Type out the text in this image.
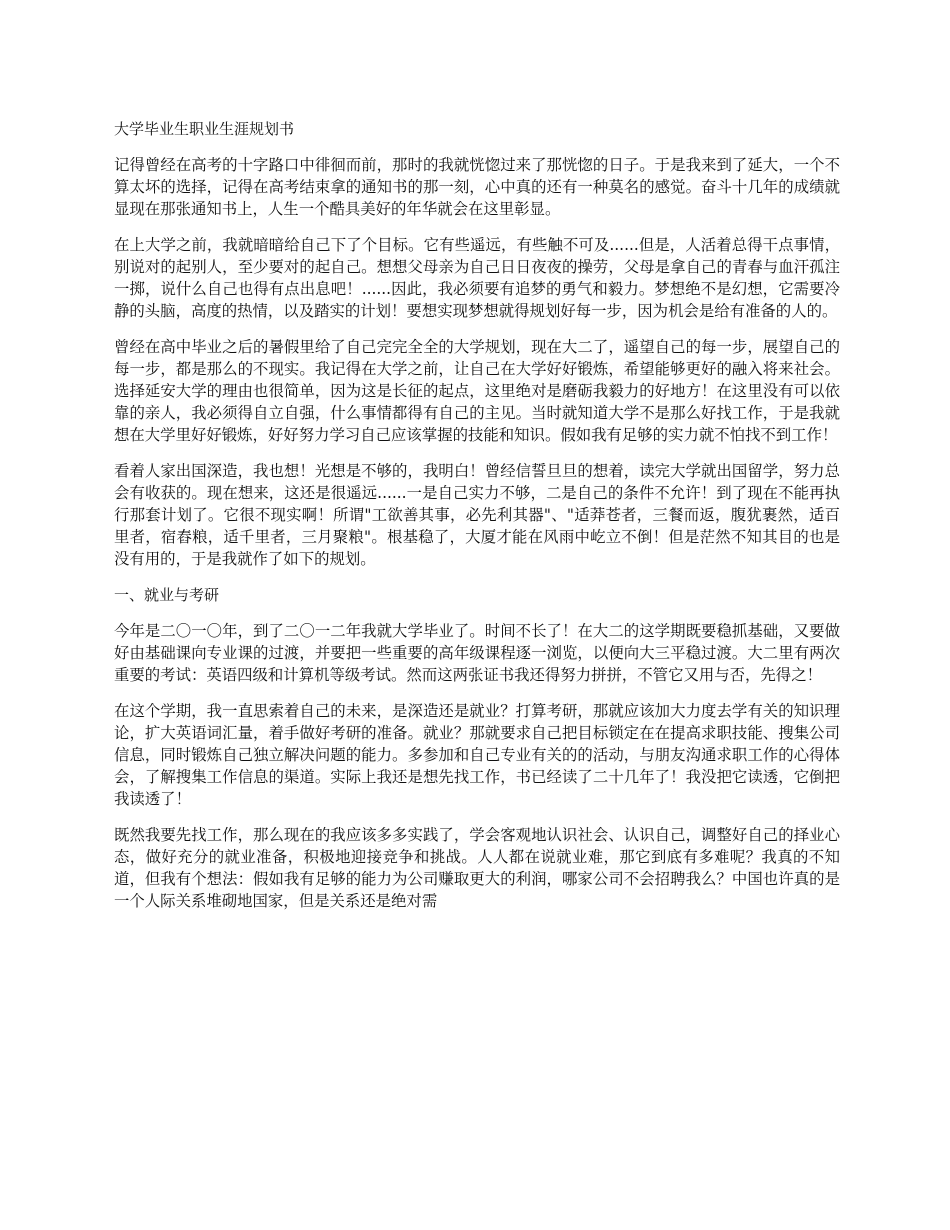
大学毕业生职业生涯规划书

记得曾经在高考的十字路口中徘徊而前，那时的我就恍惚过来了那恍惚的日子。于是我来到了延大，一个不算太坏的选择，记得在高考结束拿的通知书的那一刻，心中真的还有一种莫名的感觉。奋斗十几年的成绩就显现在那张通知书上，人生一个酷具美好的年华就会在这里彰显。

在上大学之前，我就暗暗给自己下了个目标。它有些遥远，有些触不可及......但是，人活着总得干点事情，别说对的起别人，至少要对的起自己。想想父母亲为自己日日夜夜的操劳，父母是拿自己的青春与血汗孤注一掷，说什么自己也得有点出息吧！......因此，我必须要有追梦的勇气和毅力。梦想绝不是幻想，它需要冷静的头脑，高度的热情，以及踏实的计划！要想实现梦想就得规划好每一步，因为机会是给有准备的人的。

曾经在高中毕业之后的暑假里给了自己完完全全的大学规划，现在大二了，遥望自己的每一步，展望自己的每一步，都是那么的不现实。我记得在大学之前，让自己在大学好好锻炼，希望能够更好的融入将来社会。选择延安大学的理由也很简单，因为这是长征的起点，这里绝对是磨砺我毅力的好地方！在这里没有可以依靠的亲人，我必须得自立自强，什么事情都得有自己的主见。当时就知道大学不是那么好找工作，于是我就想在大学里好好锻炼，好好努力学习自己应该掌握的技能和知识。假如我有足够的实力就不怕找不到工作！

看着人家出国深造，我也想！光想是不够的，我明白！曾经信誓旦旦的想着，读完大学就出国留学，努力总会有收获的。现在想来，这还是很遥远......一是自己实力不够，二是自己的条件不允许！到了现在不能再执行那套计划了。它很不现实啊！所谓"工欲善其事，必先利其器"、"适莽苍者，三餐而返，腹犹裹然，适百里者，宿舂粮，适千里者，三月聚粮"。根基稳了，大厦才能在风雨中屹立不倒！但是茫然不知其目的也是没有用的，于是我就作了如下的规划。

一、就业与考研

今年是二〇一〇年，到了二〇一二年我就大学毕业了。时间不长了！在大二的这学期既要稳抓基础，又要做好由基础课向专业课的过渡，并要把一些重要的高年级课程逐一浏览，以便向大三平稳过渡。大二里有两次重要的考试：英语四级和计算机等级考试。然而这两张证书我还得努力拼拼，不管它又用与否，先得之！

在这个学期，我一直思索着自己的未来，是深造还是就业？打算考研，那就应该加大力度去学有关的知识理论，扩大英语词汇量，着手做好考研的准备。就业？那就要求自己把目标锁定在在提高求职技能、搜集公司信息，同时锻炼自己独立解决问题的能力。多参加和自己专业有关的的活动，与朋友沟通求职工作的心得体会，了解搜集工作信息的渠道。实际上我还是想先找工作，书已经读了二十几年了！我没把它读透，它倒把我读透了！

既然我要先找工作，那么现在的我应该多多实践了，学会客观地认识社会、认识自己，调整好自己的择业心态，做好充分的就业准备，积极地迎接竞争和挑战。人人都在说就业难，那它到底有多难呢？我真的不知道，但我有个想法：假如我有足够的能力为公司赚取更大的利润，哪家公司不会招聘我么？中国也许真的是一个人际关系堆砌地国家，但是关系还是绝对需
